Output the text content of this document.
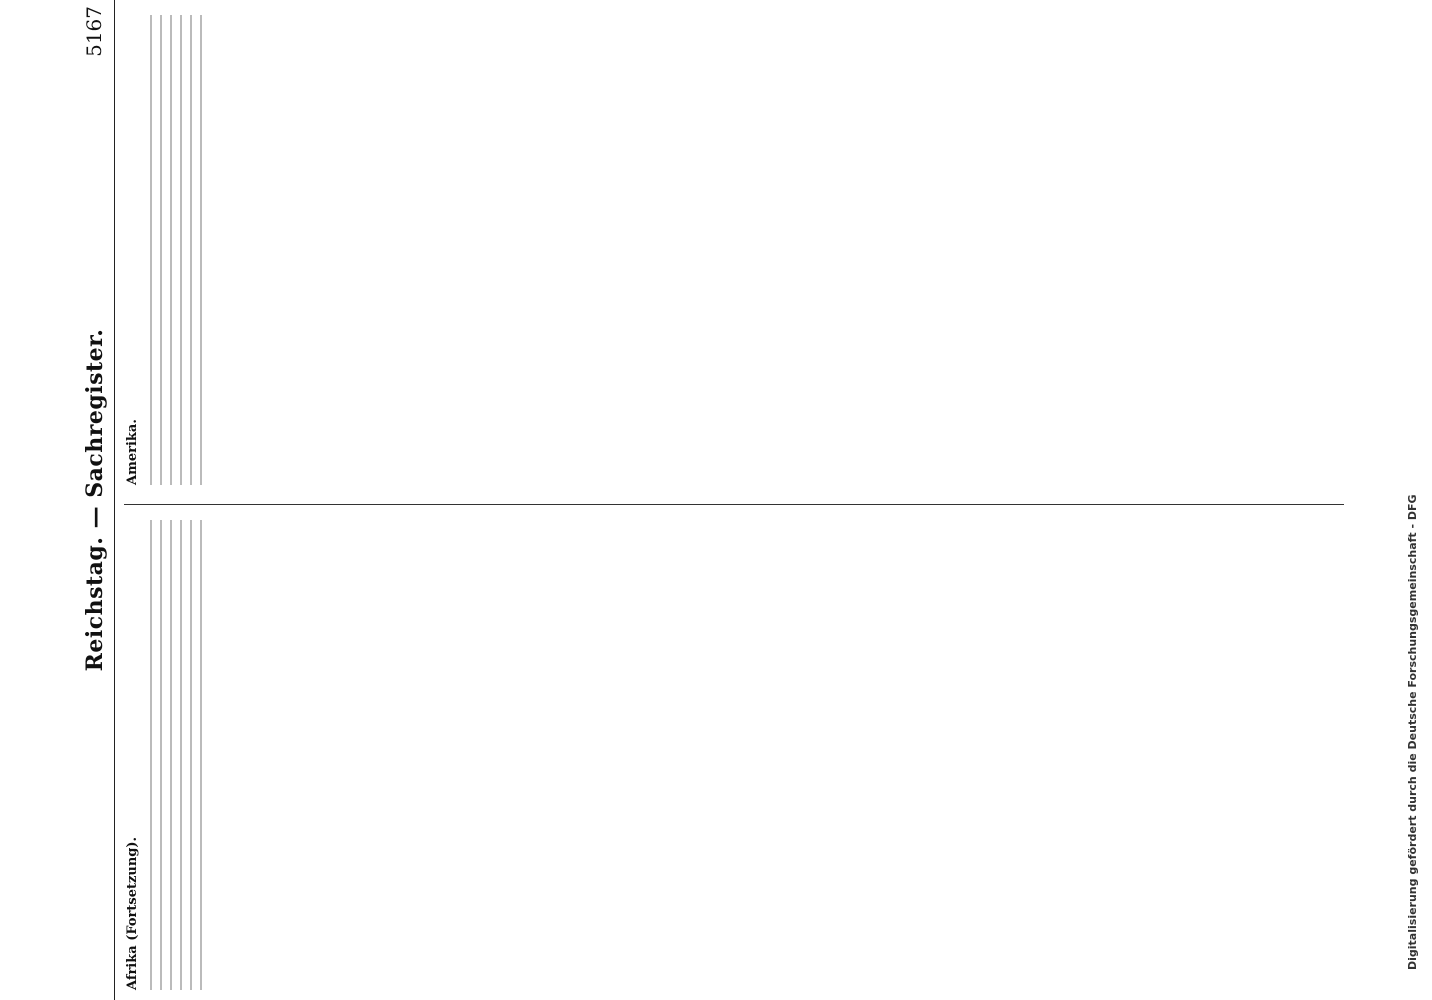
Reichstag. — Sachregister.
5167
Afrika (Fortsetzung).
Amerika.
Digitalisierung gefördert durch die Deutsche Forschungsgemeinschaft - DFG
